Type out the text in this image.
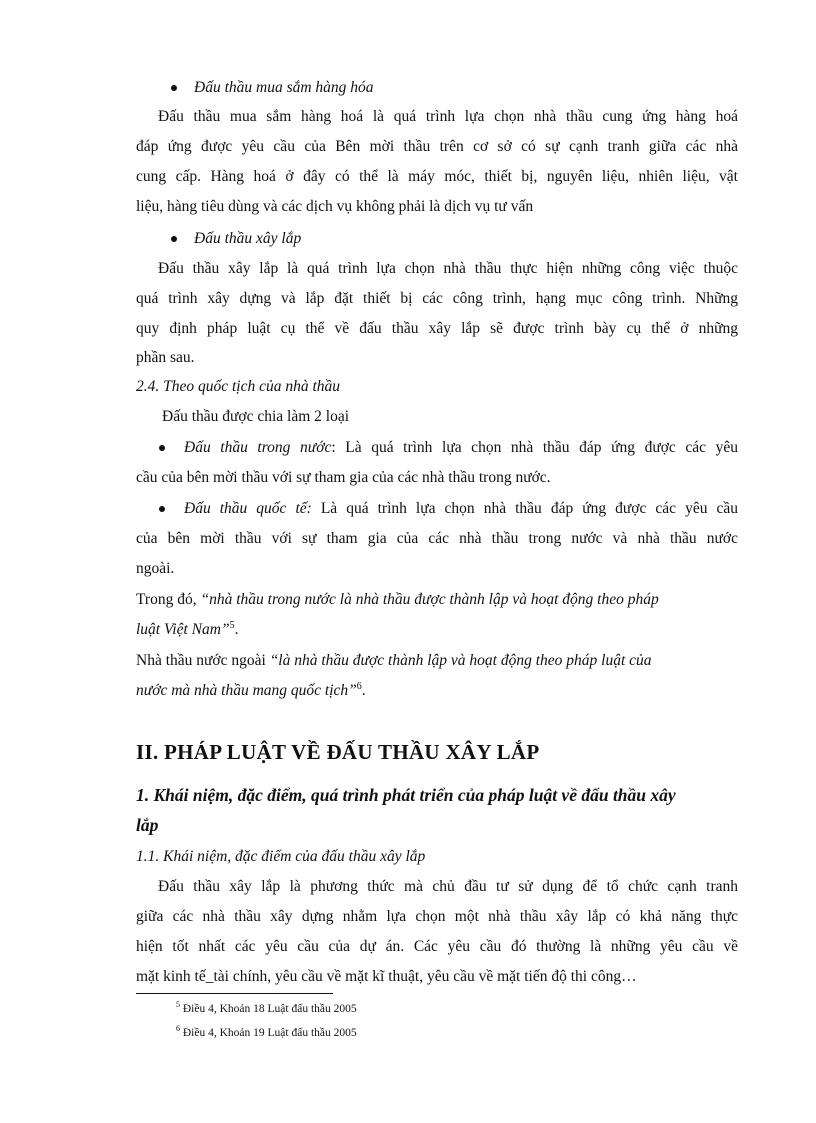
Đấu thầu mua sắm hàng hóa
Đấu thầu mua sắm hàng hoá là quá trình lựa chọn nhà thầu cung ứng hàng hoá
đáp ứng được yêu cầu của Bên mời thầu trên cơ sở có sự cạnh tranh giữa các nhà
cung cấp. Hàng hoá ở đây có thể là máy móc, thiết bị, nguyên liệu, nhiên liệu, vật
liệu, hàng tiêu dùng và các dịch vụ không phải là dịch vụ tư vấn
Đấu thầu xây lắp
Đấu thầu xây lắp là quá trình lựa chọn nhà thầu thực hiện những công việc thuộc
quá trình xây dựng và lắp đặt thiết bị các công trình, hạng mục công trình. Những
quy định pháp luật cụ thể về đấu thầu xây lắp sẽ được trình bày cụ thể ở những
phần sau.
2.4. Theo quốc tịch của nhà thầu
Đấu thầu được chia làm 2 loại
Đấu thầu trong nước: Là quá trình lựa chọn nhà thầu đáp ứng được các yêu
cầu của bên mời thầu với sự tham gia của các nhà thầu trong nước.
Đấu thầu quốc tế: Là quá trình lựa chọn nhà thầu đáp ứng được các yêu cầu
của bên mời thầu với sự tham gia của các nhà thầu trong nước và nhà thầu nước
ngoài.
Trong đó, “nhà thầu trong nước là nhà thầu được thành lập và hoạt động theo pháp
luật Việt Nam”$^5$.
Nhà thầu nước ngoài “là nhà thầu được thành lập và hoạt động theo pháp luật của
nước mà nhà thầu mang quốc tịch”$^6$.
II. PHÁP LUẬT VỀ ĐẤU THẦU XÂY LẮP
1. Khái niệm, đặc điểm, quá trình phát triển của pháp luật về đấu thầu xây
lắp
1.1. Khái niệm, đặc điểm của đấu thầu xây lắp
Đấu thầu xây lắp là phương thức mà chủ đầu tư sử dụng để tổ chức cạnh tranh
giữa các nhà thầu xây dựng nhằm lựa chọn một nhà thầu xây lắp có khả năng thực
hiện tốt nhất các yêu cầu của dự án. Các yêu cầu đó thường là những yêu cầu về
mặt kinh tế_tài chính, yêu cầu về mặt kĩ thuật, yêu cầu về mặt tiến độ thi công…
$^5$ Điều 4, Khoản 18 Luật đấu thầu 2005
$^6$ Điều 4, Khoản 19 Luật đấu thầu 2005
